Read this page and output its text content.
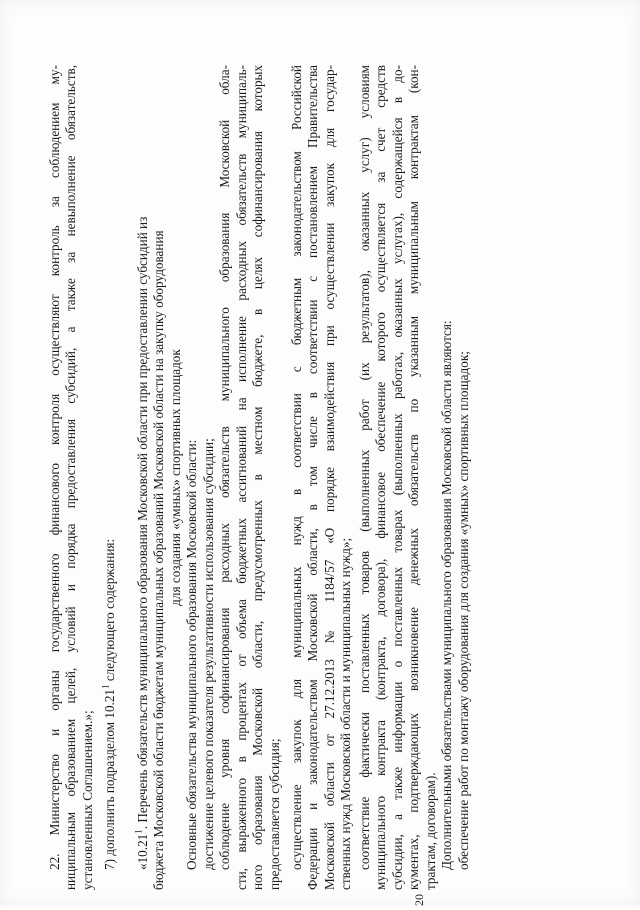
20
22. Министерство и органы государственного финансового контроля осуществляют контроль за соблюдением му- ниципальным образованием целей, условий и порядка предоставления субсидий, а также за невыполнение обязательств, установленных Соглашением.»; 7) дополнить подразделом 10.21$^1$ следующего содержания:
«10.21$^1$. Перечень обязательств муниципального образования Московской области при предоставлении субсидий из бюджета Московской области бюджетам муниципальных образований Московской области на закупку оборудования для создания «умных» спортивных площадок Основные обязательства муниципального образования Московской области: достижение целевого показателя результативности использования субсидии; соблюдение уровня софинансирования расходных обязательств муниципального образования Московской обла- сти, выраженного в процентах от объема бюджетных ассигнований на исполнение расходных обязательств муниципаль- ного образования Московской области, предусмотренных в местном бюджете, в целях софинансирования которых предоставляется субсидия; осуществление закупок для муниципальных нужд в соответствии с бюджетным законодательством Российской Федерации и законодательством Московской области, в том числе в соответствии с постановлением Правительства Московской области от 27.12.2013 № 1184/57 «О порядке взаимодействия при осуществлении закупок для государ- ственных нужд Московской области и муниципальных нужд»; соответствие фактически поставленных товаров (выполненных работ (их результатов), оказанных услуг) условиям муниципального контракта (контракта, договора), финансовое обеспечение которого осуществляется за счет средств субсидии, а также информации о поставленных товарах (выполненных работах, оказанных услугах), содержащейся в до- кументах, подтверждающих возникновение денежных обязательств по указанным муниципальным контрактам (кон- трактам, договорам). Дополнительными обязательствами муниципального образования Московской области являются: обеспечение работ по монтажу оборудования для создания «умных» спортивных площадок;
